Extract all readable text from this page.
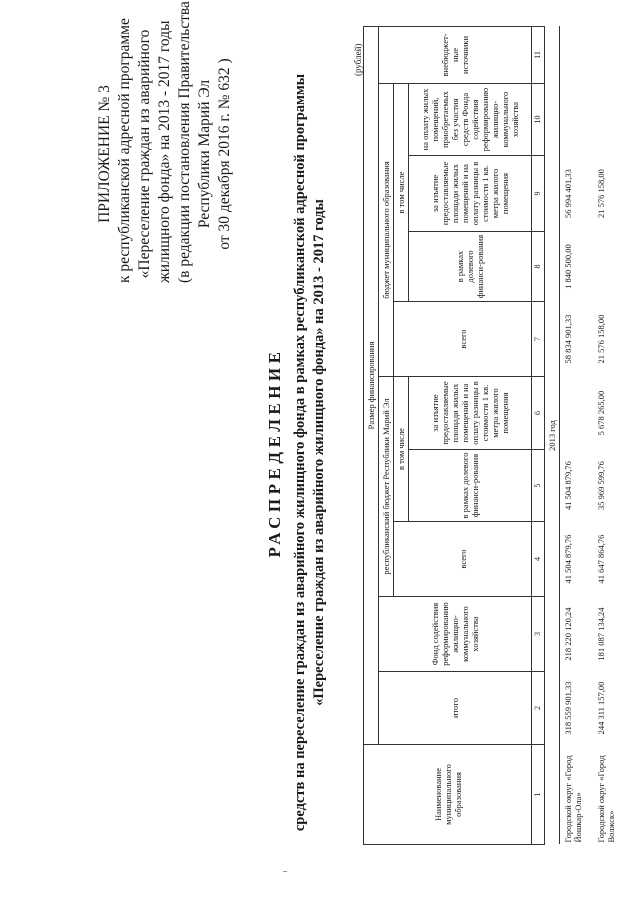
ПРИЛОЖЕНИЕ № 3 к республиканской адресной программе «Переселение граждан из аварийного жилищного фонда» на 2013 - 2017 годы (в редакции постановления Правительства Республики Марий Эл от 30 декабря 2016 г. № 632 )
РАСПРЕДЕЛЕНИЕ средств на переселение граждан из аварийного жилищного фонда в рамках республиканской адресной программы «Переселение граждан из аварийного жилищного фонда» на 2013 - 2017 годы
(рублей)
Наименование муниципального образования	Размер финансирования									
	итого	Фонд содействия реформированию жилищно-коммунального хозяйства	республиканский бюджет Республики Марий Эл			бюджет муниципального образования				внебюджет-ные источники
			всего	в том числе		всего	в том числе			
				в рамках долевого финанси-рования	за изъятие предоставляемые площади жилых помещений и на оплату разницы в стоимости 1 кв. метра жилого помещения		в рамках долевого финанси-рования	за изъятие предоставляемые площади жилых помещений и на оплату разницы в стоимости 1 кв. метра жилого помещения	на оплату жилых помещений, приобретаемых без участия средств Фонда содействия реформированию жилищно-коммунального хозяйства	
1	2	3	4	5	6	7	8	9	10	11
2013 год										
Городской округ «Город Йошкар-Ола»	318 559 901,33	218 220 120,24	41 504 879,76	41 504 879,76		58 834 901,33	1 840 500,00	56 994 401,33		
Городской округ «Город Волжск»	244 311 157,00	181 087 134,24	41 647 864,76	35 969 599,76	5 678 265,00	21 576 158,00		21 576 158,00		
